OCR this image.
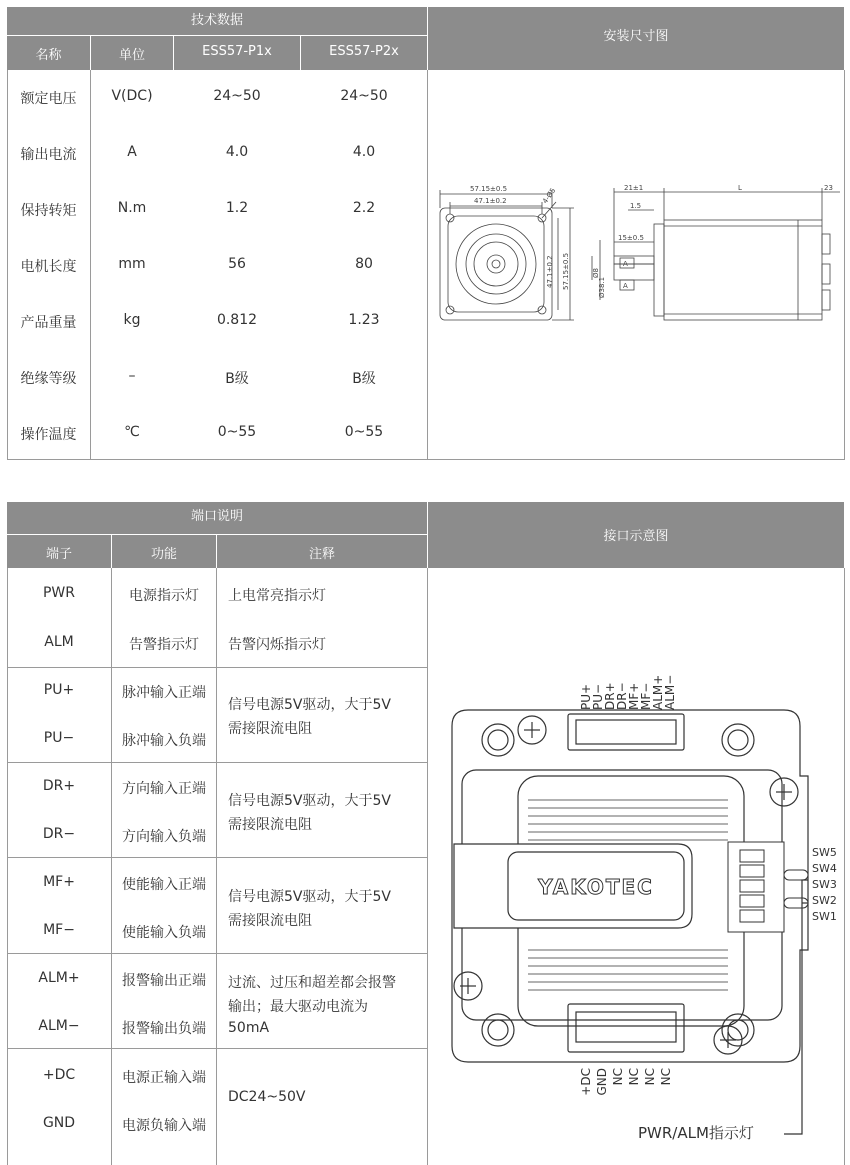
技术数据
名称	单位	ESS57-P1x	ESS57-P2x
额定电压	V(DC)	24~50	24~50
输出电流	A	4.0	4.0
保持转矩	N.m	1.2	2.2
电机长度	mm	56	80
产品重量	kg	0.812	1.23
绝缘等级	–	B级	B级
操作温度	℃	0~55	0~55
安装尺寸图
57.15±0.5
47.1±0.2	4-Ø5
47.1±0.2 57.15±0.5
21±1	L	23
1.5
15±0.5
Ø38.1
Ø8
A
A
端口说明
端子	功能	注释
PWR	电源指示灯	上电常亮指示灯
ALM	告警指示灯	告警闪烁指示灯
PU+	脉冲输入正端
PU−	脉冲输入负端
信号电源5V驱动，大于5V
需接限流电阻
DR+	方向输入正端
DR−	方向输入负端
信号电源5V驱动，大于5V
需接限流电阻
MF+	使能输入正端
MF−	使能输入负端
信号电源5V驱动，大于5V
需接限流电阻
ALM+	报警输出正端
ALM−	报警输出负端
过流、过压和超差都会报警
输出；最大驱动电流为
50mA
+DC	电源正输入端
GND	电源负输入端
DC24~50V
接口示意图
YAKOTEC
PU+
PU−
DR+
DR−
MF+
MF−
ALM+
ALM−
+DC GND NC NC NC NC
SW5
SW4
SW3
SW2
SW1
PWR/ALM指示灯
